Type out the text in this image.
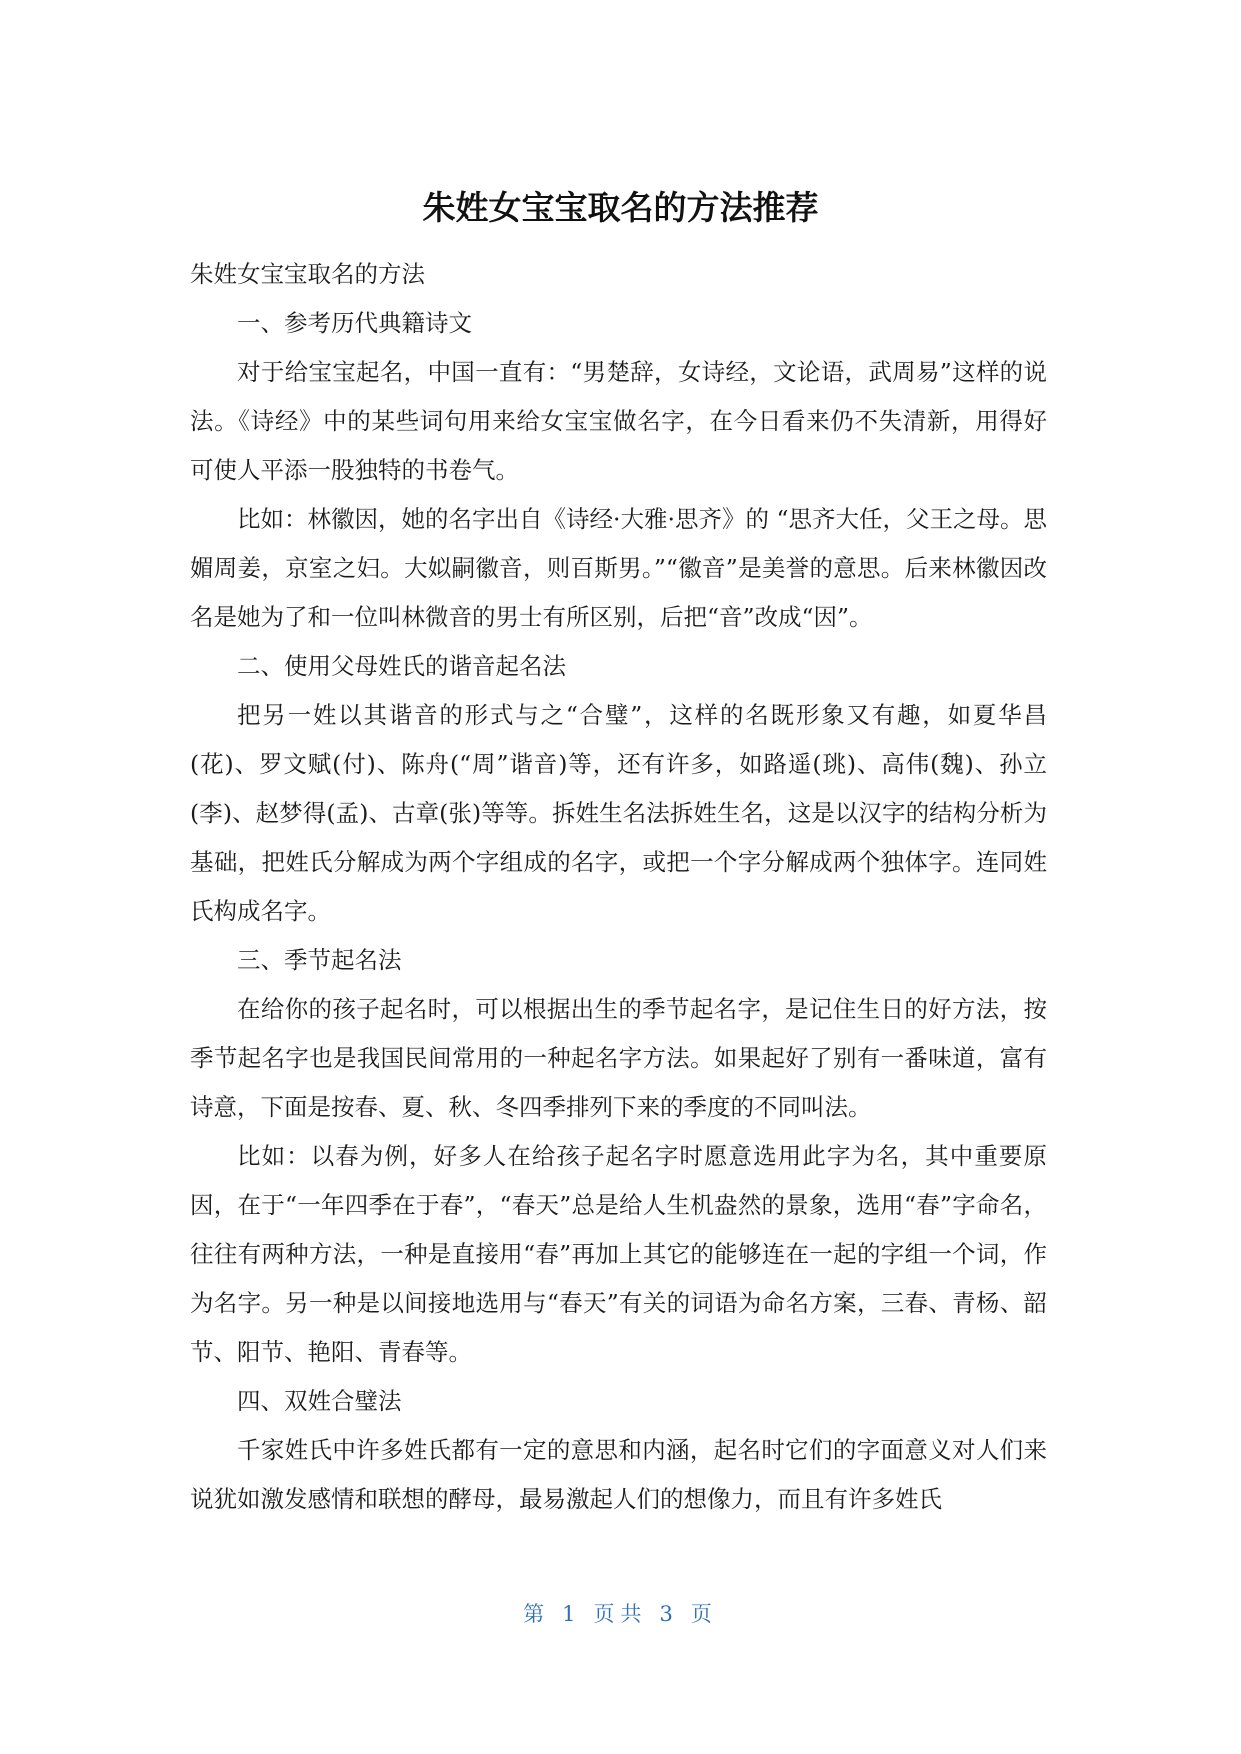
朱姓女宝宝取名的方法推荐

朱姓女宝宝取名的方法

一、参考历代典籍诗文

对于给宝宝起名，中国一直有：“男楚辞，女诗经，文论语，武周易”这样的说法。《诗经》中的某些词句用来给女宝宝做名字，在今日看来仍不失清新，用得好可使人平添一股独特的书卷气。

比如：林徽因，她的名字出自《诗经·大雅·思齐》的 “思齐大任，父王之母。思媚周姜，京室之妇。大姒嗣徽音，则百斯男。”“徽音”是美誉的意思。后来林徽因改名是她为了和一位叫林微音的男士有所区别，后把“音”改成“因”。

二、使用父母姓氏的谐音起名法

把另一姓以其谐音的形式与之“合璧”，这样的名既形象又有趣，如夏华昌(花)、罗文赋(付)、陈舟(“周”谐音)等，还有许多，如路遥(珧)、高伟(魏)、孙立(李)、赵梦得(孟)、古章(张)等等。拆姓生名法拆姓生名，这是以汉字的结构分析为基础，把姓氏分解成为两个字组成的名字，或把一个字分解成两个独体字。连同姓氏构成名字。

三、季节起名法

在给你的孩子起名时，可以根据出生的季节起名字，是记住生日的好方法，按季节起名字也是我国民间常用的一种起名字方法。如果起好了别有一番味道，富有诗意，下面是按春、夏、秋、冬四季排列下来的季度的不同叫法。

比如：以春为例，好多人在给孩子起名字时愿意选用此字为名，其中重要原因，在于“一年四季在于春”，“春天”总是给人生机盎然的景象，选用“春”字命名，往往有两种方法，一种是直接用“春”再加上其它的能够连在一起的字组一个词，作为名字。另一种是以间接地选用与“春天”有关的词语为命名方案，三春、青杨、韶节、阳节、艳阳、青春等。

四、双姓合璧法

千家姓氏中许多姓氏都有一定的意思和内涵，起名时它们的字面意义对人们来说犹如激发感情和联想的酵母，最易激起人们的想像力，而且有许多姓氏

第 1 页共 3 页
